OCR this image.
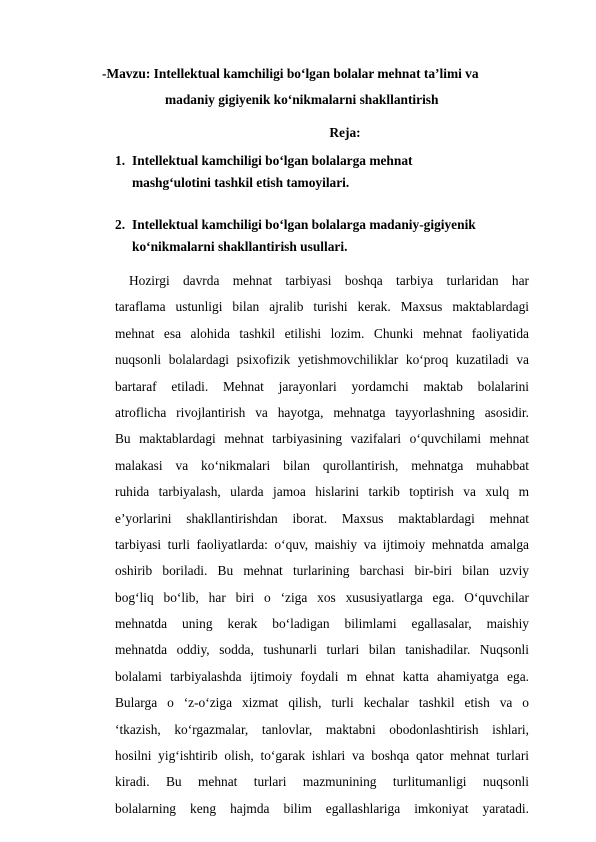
-Mavzu: Intellektual kamchiligi bo‘lgan bolalar mehnat ta’limi va
madaniy gigiyenik ko‘nikmalarni shakllantirish
Reja:
1. Intellektual kamchiligi bo‘lgan bolalarga mehnat
mashg‘ulotini tashkil etish tamoyilari.
2. Intellektual kamchiligi bo‘lgan bolalarga madaniy-gigiyenik
ko‘nikmalarni shakllantirish usullari.
Hozirgi davrda mehnat tarbiyasi boshqa tarbiya turlaridan har
taraflama ustunligi bilan ajralib turishi kerak. Maxsus maktablardagi
mehnat esa alohida tashkil etilishi lozim. Chunki mehnat faoliyatida
nuqsonli bolalardagi psixofizik yetishmovchiliklar ko‘proq kuzatiladi va
bartaraf etiladi. Mehnat jarayonlari yordamchi maktab bolalarini
atroflicha rivojlantirish va hayotga, mehnatga tayyorlashning asosidir.
Bu maktablardagi mehnat tarbiyasining vazifalari o‘quvchilami mehnat
malakasi va ko‘nikmalari bilan qurollantirish, mehnatga muhabbat
ruhida tarbiyalash, ularda jamoa hislarini tarkib toptirish va xulq m
e’yorlarini shakllantirishdan iborat. Maxsus maktablardagi mehnat
tarbiyasi turli faoliyatlarda: o‘quv, maishiy va ijtimoiy mehnatda amalga
oshirib boriladi. Bu mehnat turlarining barchasi bir-biri bilan uzviy
bog‘liq bo‘lib, har biri o ‘ziga xos xususiyatlarga ega. O‘quvchilar
mehnatda uning kerak bo‘ladigan bilimlami egallasalar, maishiy
mehnatda oddiy, sodda, tushunarli turlari bilan tanishadilar. Nuqsonli
bolalami tarbiyalashda ijtimoiy foydali m ehnat katta ahamiyatga ega.
Bularga o ‘z-o‘ziga xizmat qilish, turli kechalar tashkil etish va o
‘tkazish, ko‘rgazmalar, tanlovlar, maktabni obodonlashtirish ishlari,
hosilni yig‘ishtirib olish, to‘garak ishlari va boshqa qator mehnat turlari
kiradi. Bu mehnat turlari mazmunining turlitumanligi nuqsonli
bolalarning keng hajmda bilim egallashlariga imkoniyat yaratadi.
